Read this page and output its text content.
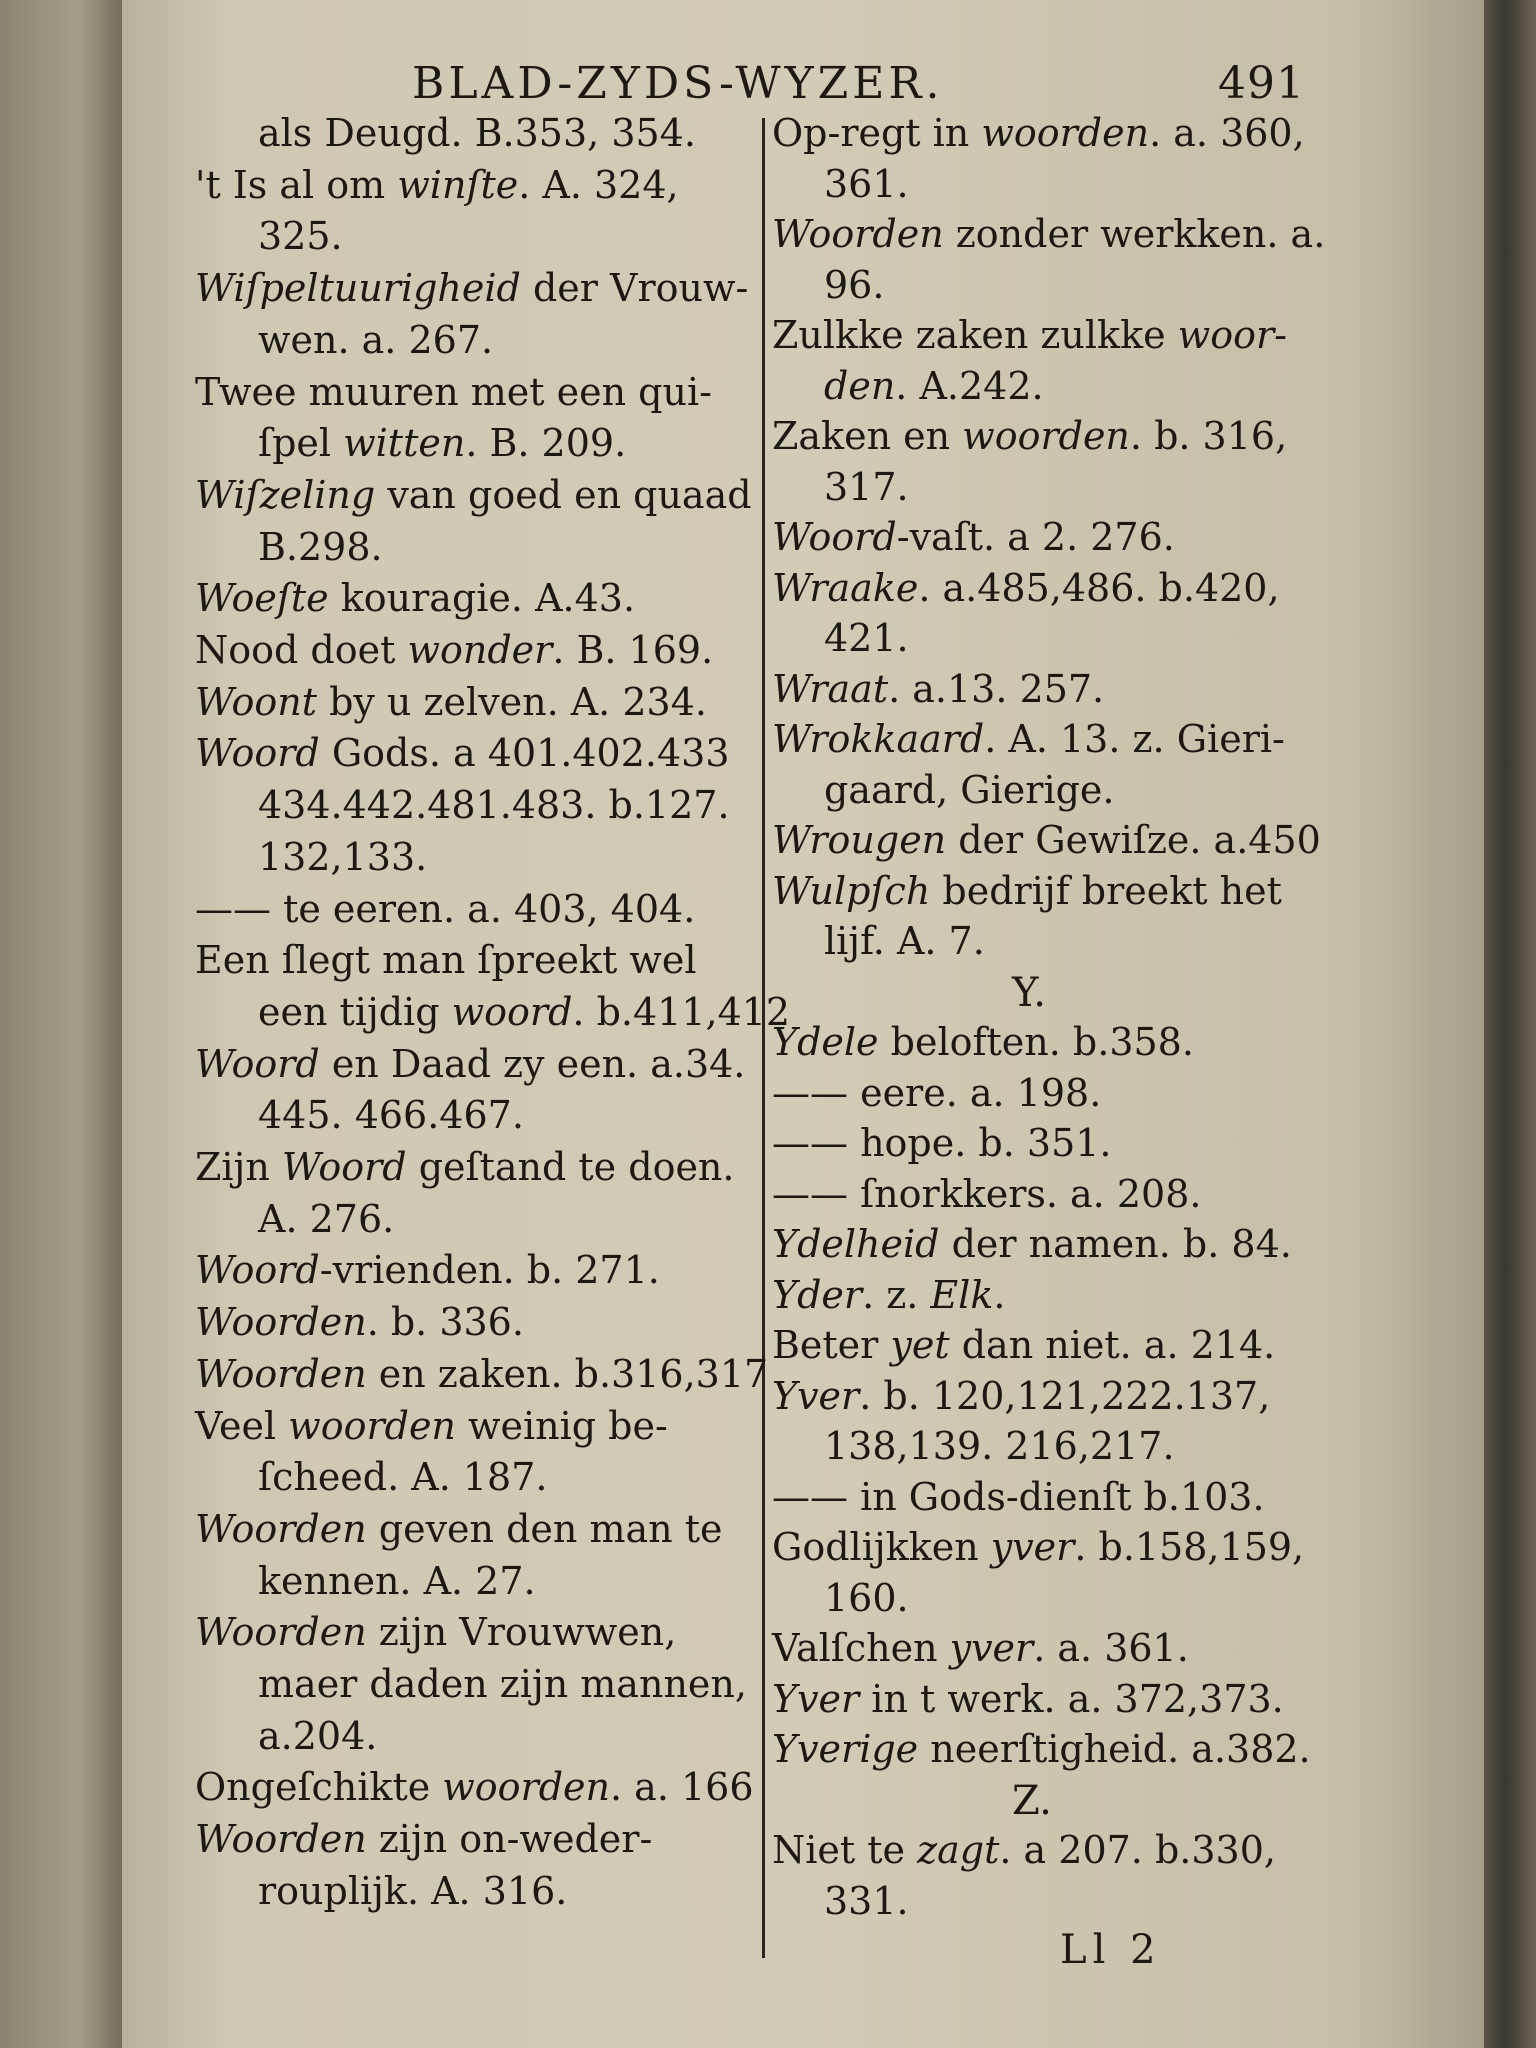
BLAD-ZYDS-WYZER.	491
als Deugd. B.353, 354.
't Is al om winſte. A. 324,
325.
Wiſpeltuurigheid der Vrouw-
wen. a. 267.
Twee muuren met een qui-
ſpel witten. B. 209.
Wiſzeling van goed en quaad
B.298.
Woeſte kouragie. A.43.
Nood doet wonder. B. 169.
Woont by u zelven. A. 234.
Woord Gods. a 401.402.433
434.442.481.483. b.127.
132,133.
—— te eeren. a. 403, 404.
Een ſlegt man ſpreekt wel
een tijdig woord. b.411,412
Woord en Daad zy een. a.34.
445. 466.467.
Zijn Woord geſtand te doen.
A. 276.
Woord-vrienden. b. 271.
Woorden. b. 336.
Woorden en zaken. b.316,317
Veel woorden weinig be-
ſcheed. A. 187.
Woorden geven den man te
kennen. A. 27.
Woorden zijn Vrouwwen,
maer daden zijn mannen,
a.204.
Ongeſchikte woorden. a. 166
Woorden zijn on-weder-
rouplijk. A. 316.
Op-regt in woorden. a. 360,
361.
Woorden zonder werkken. a.
96.
Zulkke zaken zulkke woor-
den. A.242.
Zaken en woorden. b. 316,
317.
Woord-vaſt. a 2. 276.
Wraake. a.485,486. b.420,
421.
Wraat. a.13. 257.
Wrokkaard. A. 13. z. Gieri-
gaard, Gierige.
Wrougen der Gewiſze. a.450
Wulpſch bedrijf breekt het
lijf. A. 7.
Y.
Ydele beloften. b.358.
—— eere. a. 198.
—— hope. b. 351.
—— ſnorkkers. a. 208.
Ydelheid der namen. b. 84.
Yder. z. Elk.
Beter yet dan niet. a. 214.
Yver. b. 120,121,222.137,
138,139. 216,217.
—— in Gods-dienſt b.103.
Godlijkken yver. b.158,159,
160.
Valſchen yver. a. 361.
Yver in t werk. a. 372,373.
Yverige neerſtigheid. a.382.
Z.
Niet te zagt. a 207. b.330,
331.
Ll 2
